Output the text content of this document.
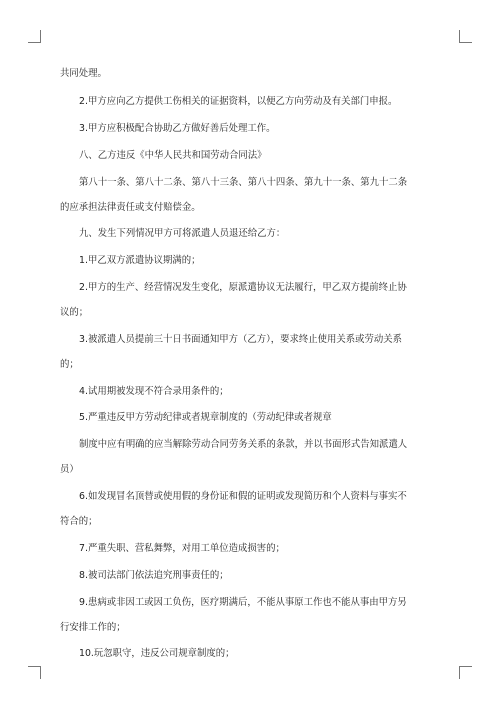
共同处理。
2.甲方应向乙方提供工伤相关的证据资料，以便乙方向劳动及有关部门申报。
3.甲方应积极配合协助乙方做好善后处理工作。
八、乙方违反《中华人民共和国劳动合同法》
第八十一条、第八十二条、第八十三条、第八十四条、第九十一条、第九十二条
的应承担法律责任或支付赔偿金。
九、发生下列情况甲方可将派遣人员退还给乙方：
1.甲乙双方派遣协议期满的；
2.甲方的生产、经营情况发生变化，原派遣协议无法履行，甲乙双方提前终止协
议的；
3.被派遣人员提前三十日书面通知甲方（乙方），要求终止使用关系或劳动关系
的；
4.试用期被发现不符合录用条件的；
5.严重违反甲方劳动纪律或者规章制度的（劳动纪律或者规章
制度中应有明确的应当解除劳动合同劳务关系的条款，并以书面形式告知派遣人
员）
6.如发现冒名顶替或使用假的身份证和假的证明或发现简历和个人资料与事实不
符合的；
7.严重失职、营私舞弊，对用工单位造成损害的；
8.被司法部门依法追究刑事责任的；
9.患病或非因工或因工负伤，医疗期满后，不能从事原工作也不能从事由甲方另
行安排工作的；
10.玩忽职守，违反公司规章制度的；
